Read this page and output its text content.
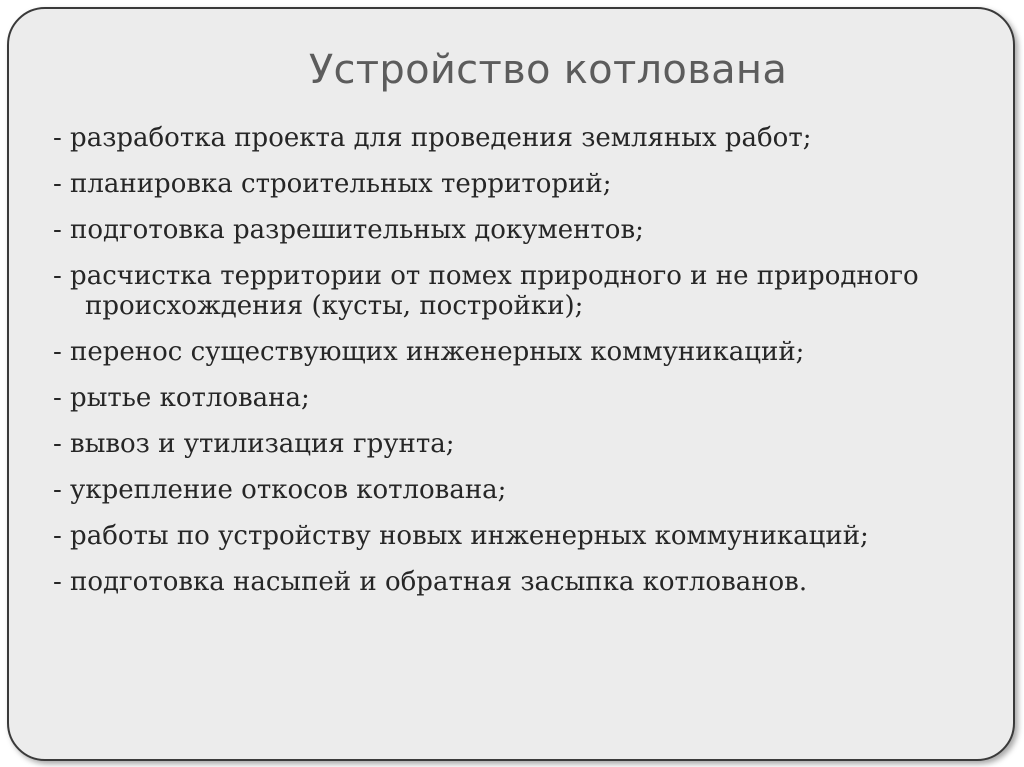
Устройство котлована
- разработка проекта для проведения земляных работ;
- планировка строительных территорий;
- подготовка разрешительных документов;
- расчистка территории от помех природного и не природного происхождения (кусты, постройки);
- перенос существующих инженерных коммуникаций;
- рытье котлована;
- вывоз и утилизация грунта;
- укрепление откосов котлована;
- работы по устройству новых инженерных коммуникаций;
- подготовка насыпей и обратная засыпка котлованов.
